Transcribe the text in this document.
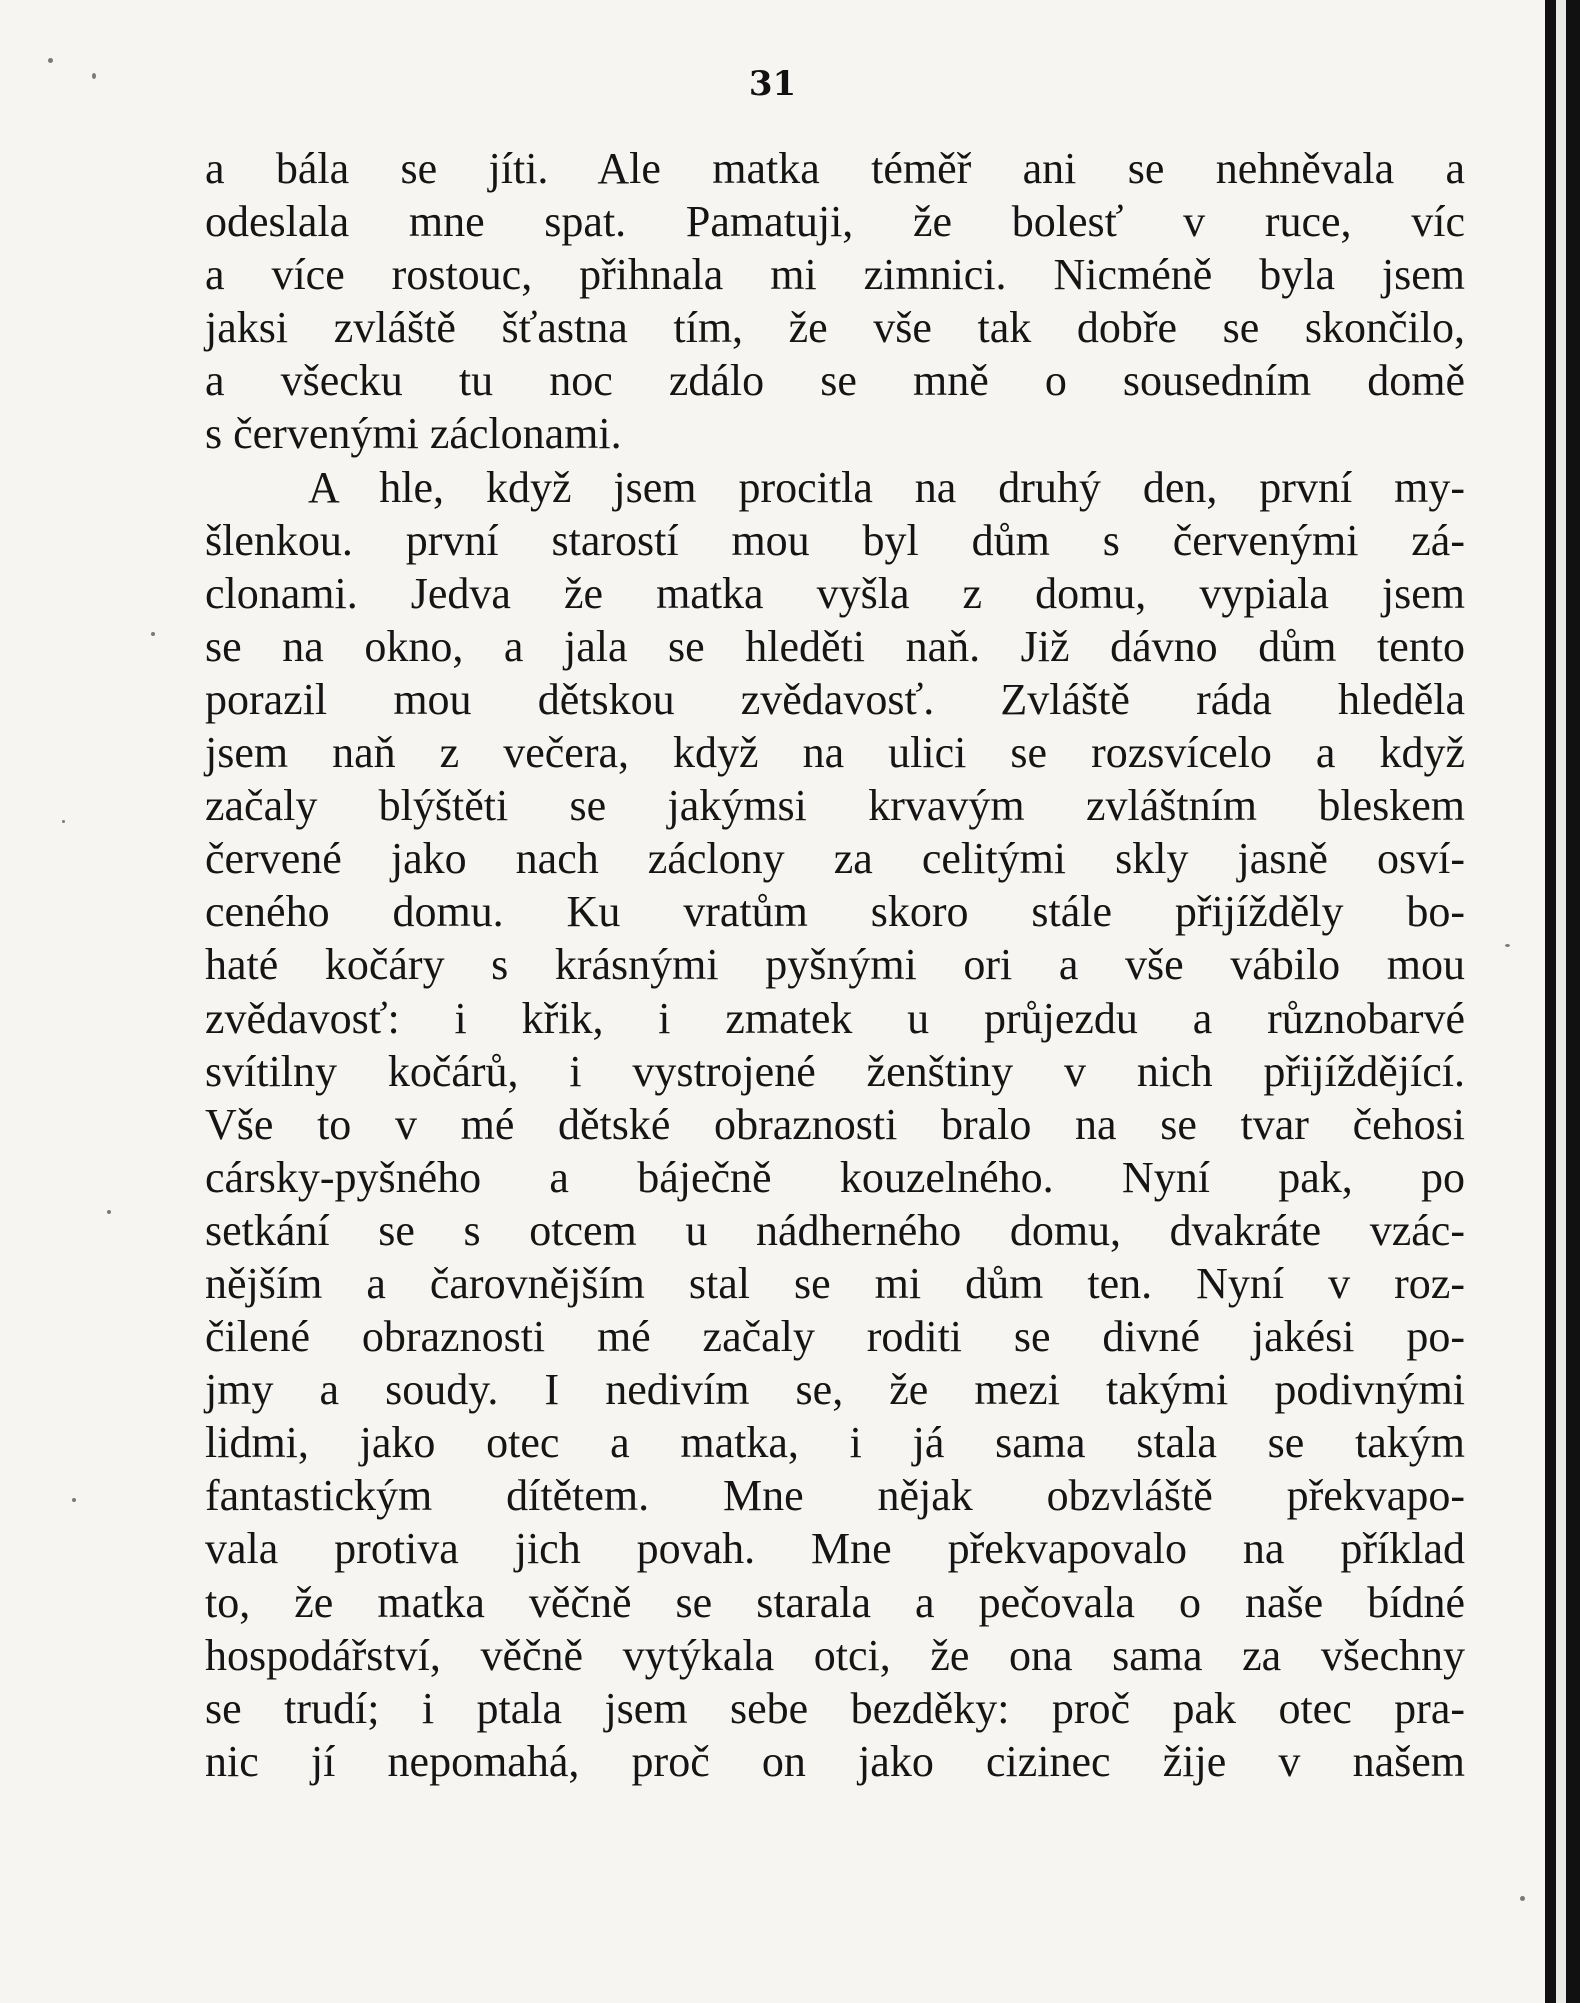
31
a bála se jíti. Ale matka téměř ani se nehněvala a
odeslala mne spat. Pamatuji, že bolesť v ruce, víc
a více rostouc, přihnala mi zimnici. Nicméně byla jsem
jaksi zvláště šťastna tím, že vše tak dobře se skončilo,
a všecku tu noc zdálo se mně o sousedním domě
s červenými záclonami.
A hle, když jsem procitla na druhý den, první my-
šlenkou. první starostí mou byl dům s červenými zá-
clonami. Jedva že matka vyšla z domu, vypiala jsem
se na okno, a jala se hleděti naň. Již dávno dům tento
porazil mou dětskou zvědavosť. Zvláště ráda hleděla
jsem naň z večera, když na ulici se rozsvícelo a když
začaly blýštěti se jakýmsi krvavým zvláštním bleskem
červené jako nach záclony za celitými skly jasně osví-
ceného domu. Ku vratům skoro stále přijížděly bo-
haté kočáry s krásnými pyšnými ori a vše vábilo mou
zvědavosť: i křik, i zmatek u průjezdu a různobarvé
svítilny kočárů, i vystrojené ženštiny v nich přijíždějící.
Vše to v mé dětské obraznosti bralo na se tvar čehosi
cársky-pyšného a báječně kouzelného. Nyní pak, po
setkání se s otcem u nádherného domu, dvakráte vzác-
nějším a čarovnějším stal se mi dům ten. Nyní v roz-
čilené obraznosti mé začaly roditi se divné jakési po-
jmy a soudy. I nedivím se, že mezi takými podivnými
lidmi, jako otec a matka, i já sama stala se takým
fantastickým dítětem. Mne nějak obzvláště překvapo-
vala protiva jich povah. Mne překvapovalo na příklad
to, že matka věčně se starala a pečovala o naše bídné
hospodářství, věčně vytýkala otci, že ona sama za všechny
se trudí; i ptala jsem sebe bezděky: proč pak otec pra-
nic jí nepomahá, proč on jako cizinec žije v našem
